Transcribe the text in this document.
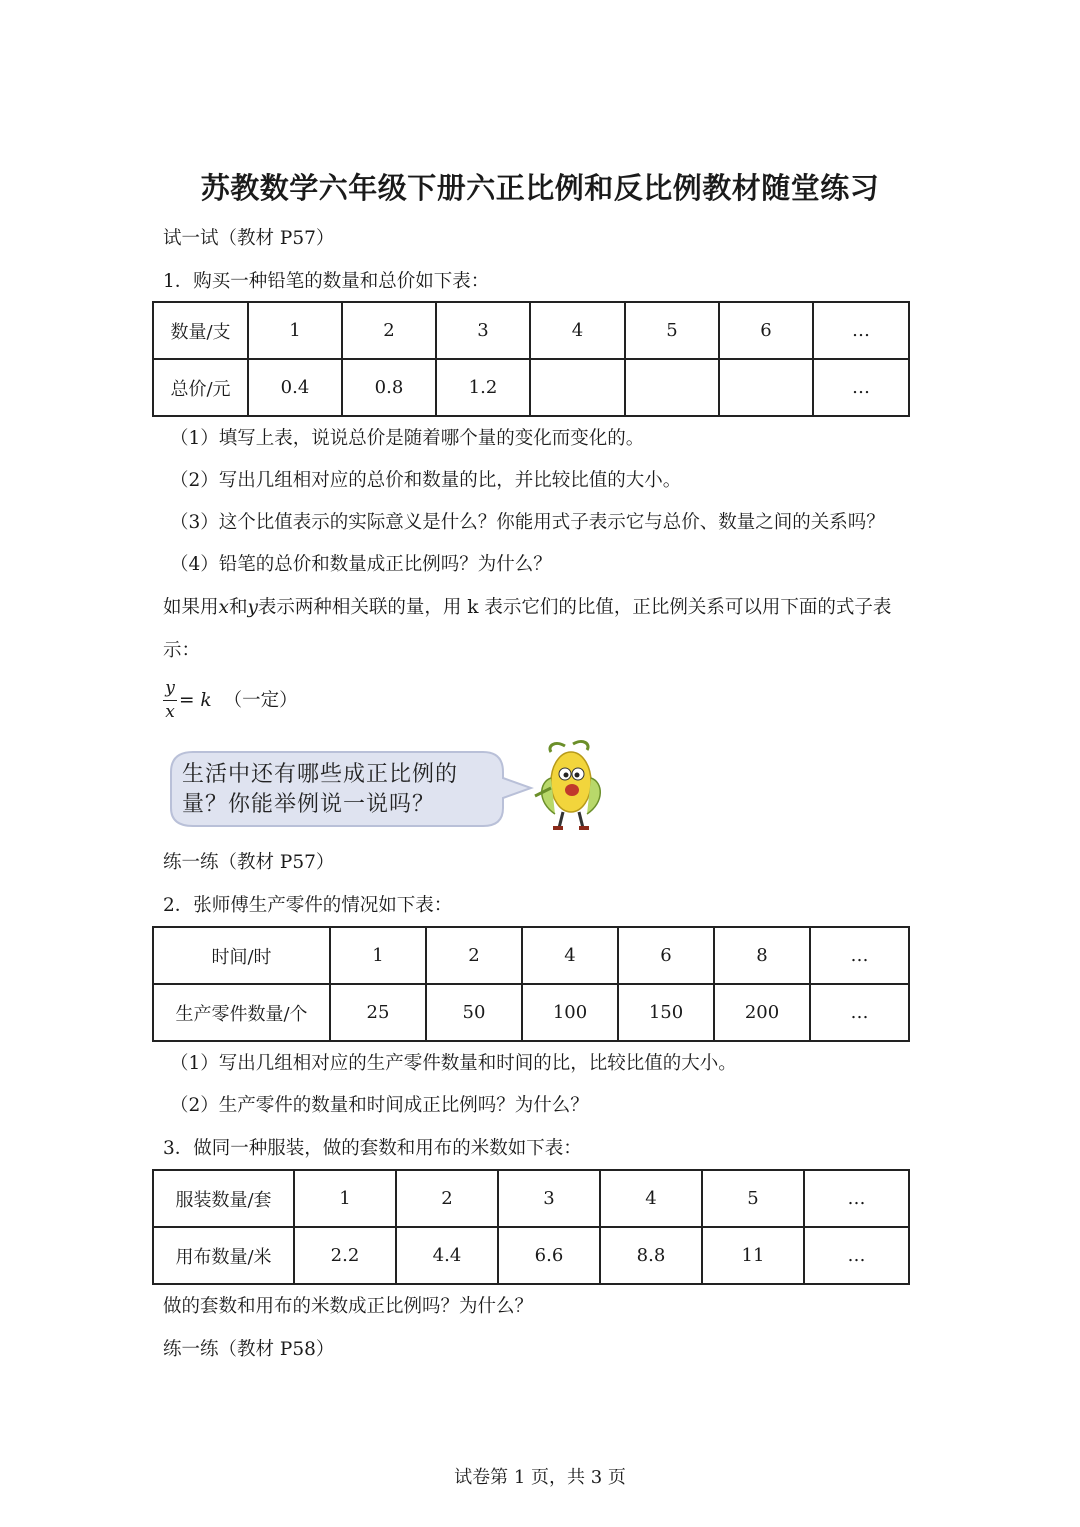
苏教数学六年级下册六正比例和反比例教材随堂练习
试一试（教材 P57）
1．购买一种铅笔的数量和总价如下表：
数量/支	1	2	3	4	5	6	…
总价/元	0.4	0.8	1.2				…
（1）填写上表，说说总价是随着哪个量的变化而变化的。
（2）写出几组相对应的总价和数量的比，并比较比值的大小。
（3）这个比值表示的实际意义是什么？你能用式子表示它与总价、数量之间的关系吗？
（4）铅笔的总价和数量成正比例吗？为什么？
如果用x和y表示两种相关联的量，用 k 表示它们的比值，正比例关系可以用下面的式子表
示：
$\frac{y}{x} = k$ （一定）
生活中还有哪些成正比例的
量？你能举例说一说吗？
练一练（教材 P57）
2．张师傅生产零件的情况如下表：
时间/时	1	2	4	6	8	…
生产零件数量/个	25	50	100	150	200	…
（1）写出几组相对应的生产零件数量和时间的比，比较比值的大小。
（2）生产零件的数量和时间成正比例吗？为什么？
3．做同一种服装，做的套数和用布的米数如下表：
服装数量/套	1	2	3	4	5	…
用布数量/米	2.2	4.4	6.6	8.8	11	…
做的套数和用布的米数成正比例吗？为什么？
练一练（教材 P58）
试卷第 1 页，共 3 页
